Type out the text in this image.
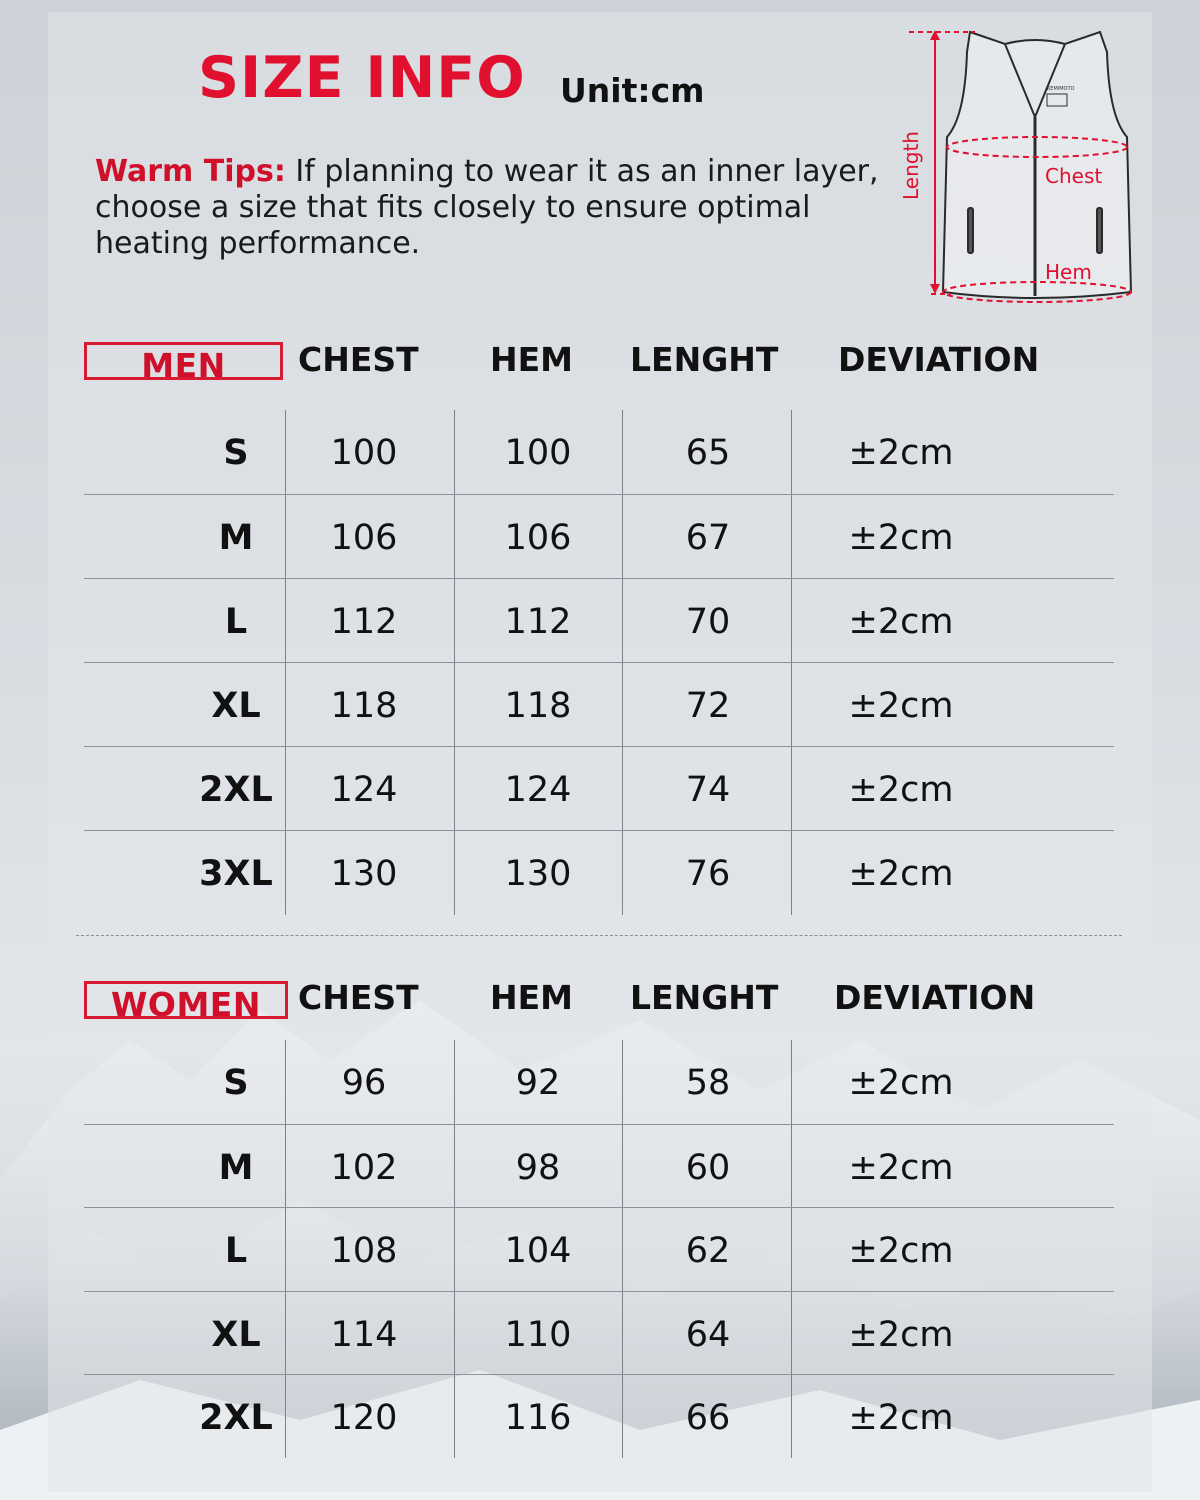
SIZE INFO Unit:cm
Warm Tips: If planning to wear it as an inner layer, choose a size that fits closely to ensure optimal heating performance.
KEMIMOTO
Length	Chest
Hem
MEN	CHEST HEM LENGHT DEVIATION
S	100	100	65	±2cm
M	106	106	67	±2cm
L	112	112	70	±2cm
XL	118	118	72	±2cm
2XL	124	124	74	±2cm
3XL	130	130	76	±2cm
WOMEN	CHEST HEM LENGHT DEVIATION
S	96	92	58	±2cm
M	102	98	60	±2cm
L	108	104	62	±2cm
XL	114	110	64	±2cm
2XL	120	116	66	±2cm
